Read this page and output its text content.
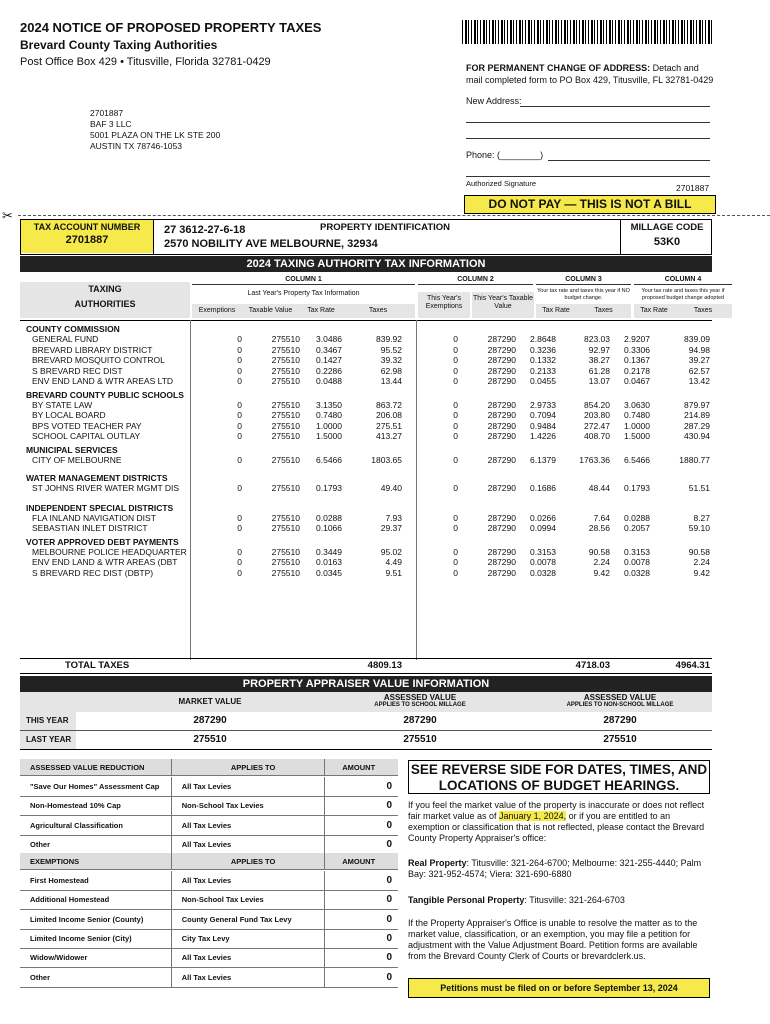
2024 NOTICE OF PROPOSED PROPERTY TAXES
Brevard County Taxing Authorities
Post Office Box 429 • Titusville, Florida 32781-0429	FOR PERMANENT CHANGE OF ADDRESS: Detach and mail completed form to PO Box 429, Titusville, FL 32781-0429
New Address:
Phone: (________)
Authorized Signature	2701887
2701887
BAF 3 LLC
5001 PLAZA ON THE LK STE 200
AUSTIN TX 78746-1053
DO NOT PAY — THIS IS NOT A BILL
✂
TAX ACCOUNT NUMBER
2701887
27 3612-27-6-18	PROPERTY IDENTIFICATION
2570 NOBILITY AVE MELBOURNE, 32934
MILLAGE CODE
53K0
2024 TAXING AUTHORITY TAX INFORMATION
TAXING
AUTHORITIES
COLUMN 1
Last Year's Property Tax Information
Exemptions	Taxable Value	Tax Rate	Taxes
COLUMN 2
This Year's Exemptions
This Year's Taxable Value
COLUMN 3
Your tax rate and taxes this year if NO budget change.
Tax Rate	Taxes
COLUMN 4
Your tax rate and taxes this year if proposed budget change adopted
Tax Rate	Taxes
COUNTY COMMISSION
GENERAL FUND	0	275510	3.0486	839.92	0	287290	2.8648	823.03	2.9207	839.09
BREVARD LIBRARY DISTRICT	0	275510	0.3467	95.52	0	287290	0.3236	92.97	0.3306	94.98
BREVARD MOSQUITO CONTROL	0	275510	0.1427	39.32	0	287290	0.1332	38.27	0.1367	39.27
S BREVARD REC DIST	0	275510	0.2286	62.98	0	287290	0.2133	61.28	0.2178	62.57
ENV END LAND & WTR AREAS LTD	0	275510	0.0488	13.44	0	287290	0.0455	13.07	0.0467	13.42
BREVARD COUNTY PUBLIC SCHOOLS
BY STATE LAW	0	275510	3.1350	863.72	0	287290	2.9733	854.20	3.0630	879.97
BY LOCAL BOARD	0	275510	0.7480	206.08	0	287290	0.7094	203.80	0.7480	214.89
BPS VOTED TEACHER PAY	0	275510	1.0000	275.51	0	287290	0.9484	272.47	1.0000	287.29
SCHOOL CAPITAL OUTLAY	0	275510	1.5000	413.27	0	287290	1.4226	408.70	1.5000	430.94
MUNICIPAL SERVICES
CITY OF MELBOURNE	0	275510	6.5466	1803.65	0	287290	6.1379	1763.36	6.5466	1880.77
WATER MANAGEMENT DISTRICTS
ST JOHNS RIVER WATER MGMT DIS	0	275510	0.1793	49.40	0	287290	0.1686	48.44	0.1793	51.51
INDEPENDENT SPECIAL DISTRICTS
FLA INLAND NAVIGATION DIST	0	275510	0.0288	7.93	0	287290	0.0266	7.64	0.0288	8.27
SEBASTIAN INLET DISTRICT	0	275510	0.1066	29.37	0	287290	0.0994	28.56	0.2057	59.10
VOTER APPROVED DEBT PAYMENTS
MELBOURNE POLICE HEADQUARTER	0	275510	0.3449	95.02	0	287290	0.3153	90.58	0.3153	90.58
ENV END LAND & WTR AREAS (DBT	0	275510	0.0163	4.49	0	287290	0.0078	2.24	0.0078	2.24
S BREVARD REC DIST (DBTP)	0	275510	0.0345	9.51	0	287290	0.0328	9.42	0.0328	9.42
TOTAL TAXES	4809.13	4718.03	4964.31
PROPERTY APPRAISER VALUE INFORMATION
MARKET VALUE	ASSESSED VALUE
APPLIES TO SCHOOL MILLAGE
ASSESSED VALUE
APPLIES TO NON-SCHOOL MILLAGE
THIS YEAR	287290	287290	287290
LAST YEAR	275510	275510	275510
ASSESSED VALUE REDUCTION	APPLIES TO	AMOUNT
"Save Our Homes" Assessment Cap	All Tax Levies	0
Non-Homestead 10% Cap	Non-School Tax Levies	0
Agricultural Classification	All Tax Levies	0
Other	All Tax Levies	0
EXEMPTIONS	APPLIES TO	AMOUNT
First Homestead	All Tax Levies	0
Additional Homestead	Non-School Tax Levies	0
Limited Income Senior (County)	County General Fund Tax Levy	0
Limited Income Senior (City)	City Tax Levy	0
Widow/Widower	All Tax Levies	0
Other	All Tax Levies	0
SEE REVERSE SIDE FOR DATES, TIMES, AND LOCATIONS OF BUDGET HEARINGS.
If you feel the market value of the property is inaccurate or does not reflect fair market value as of January 1, 2024, or if you are entitled to an exemption or classification that is not reflected, please contact the Brevard County Property Appraiser's office:
Real Property: Titusville: 321-264-6700; Melbourne: 321-255-4440; Palm Bay: 321-952-4574; Viera: 321-690-6880
Tangible Personal Property: Titusville: 321-264-6703
If the Property Appraiser's Office is unable to resolve the matter as to the market value, classification, or an exemption, you may file a petition for adjustment with the Value Adjustment Board. Petition forms are available from the Brevard County Clerk of Courts or brevardclerk.us.
Petitions must be filed on or before September 13, 2024
